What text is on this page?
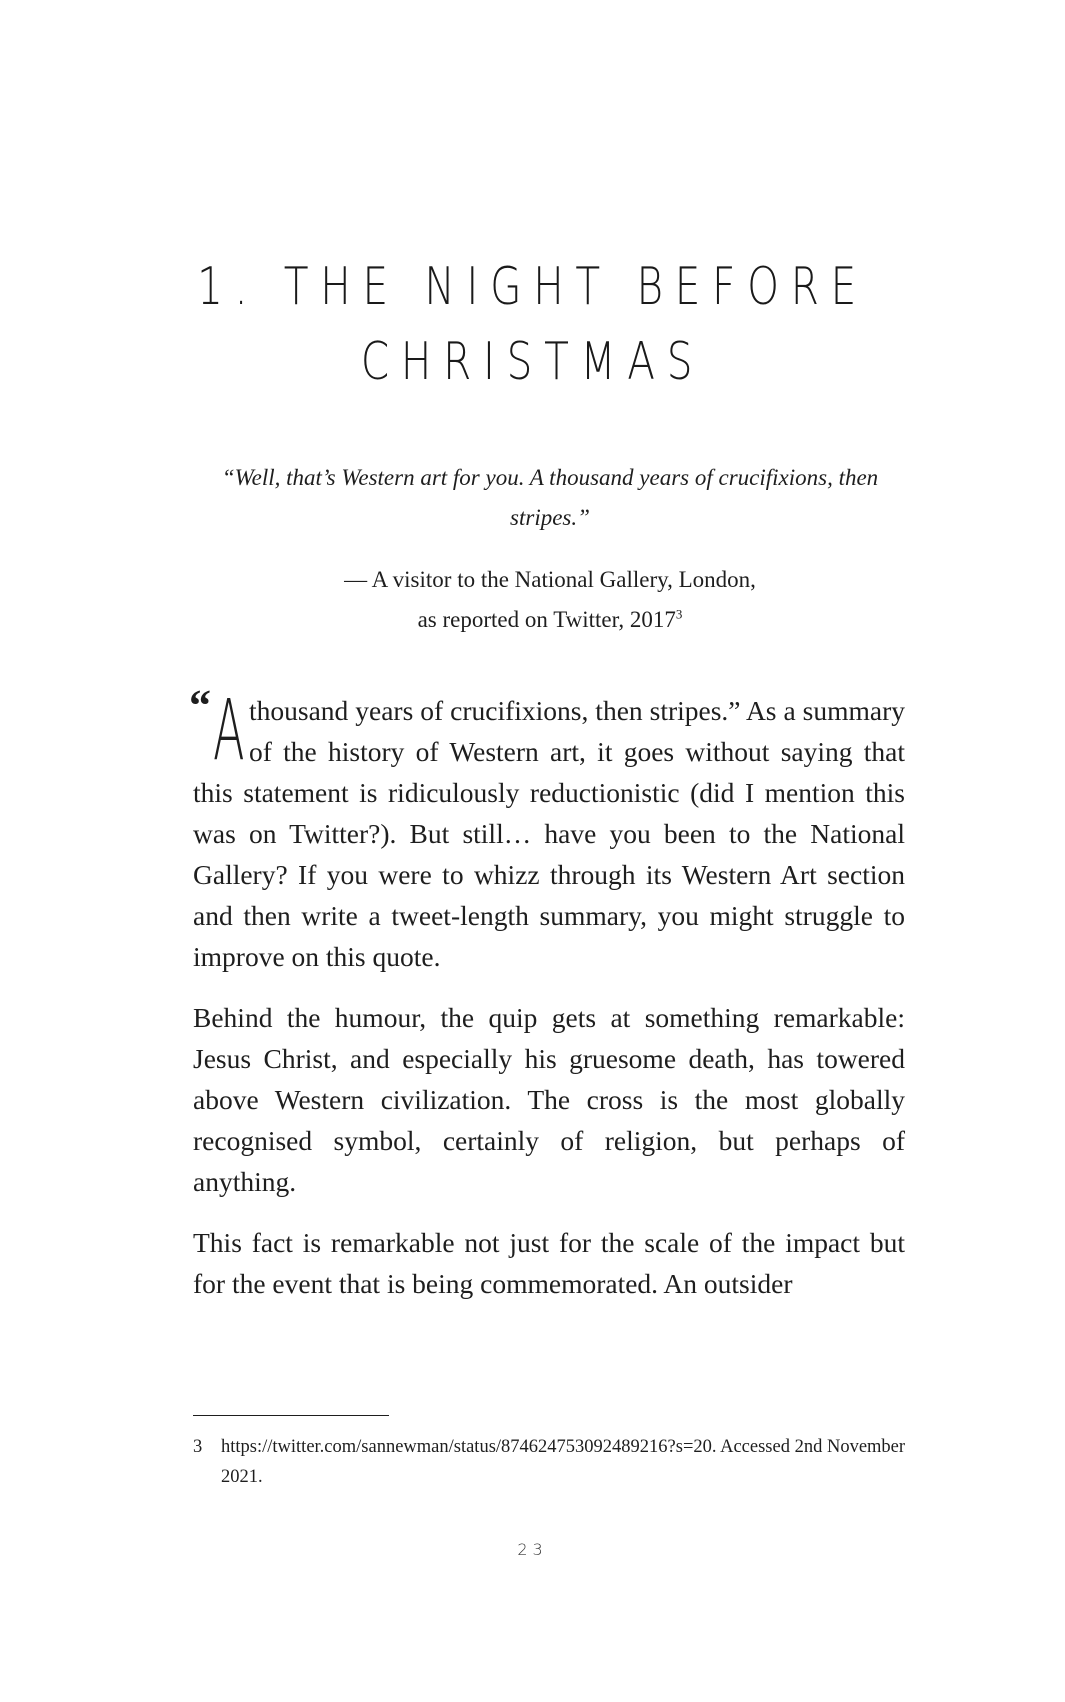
1. THE NIGHT BEFORE
CHRISTMAS

“Well, that’s Western art for you. A thousand years of crucifixions, then stripes.”

— A visitor to the National Gallery, London,
as reported on Twitter, 2017$^3$

“ A thousand years of crucifixions, then stripes.” As a summary of the history of Western art, it goes without saying that this statement is ridiculously reductionistic (did I mention this was on Twitter?). But still… have you been to the National Gallery? If you were to whizz through its Western Art section and then write a tweet-length summary, you might struggle to improve on this quote.

Behind the humour, the quip gets at something remarkable: Jesus Christ, and especially his gruesome death, has towered above Western civilization. The cross is the most globally recognised symbol, certainly of religion, but perhaps of anything.

This fact is remarkable not just for the scale of the impact but for the event that is being commemorated. An outsider

3	https://twitter.com/sannewman/status/874624753092489216?s=20. Accessed 2nd November 2021.
23
